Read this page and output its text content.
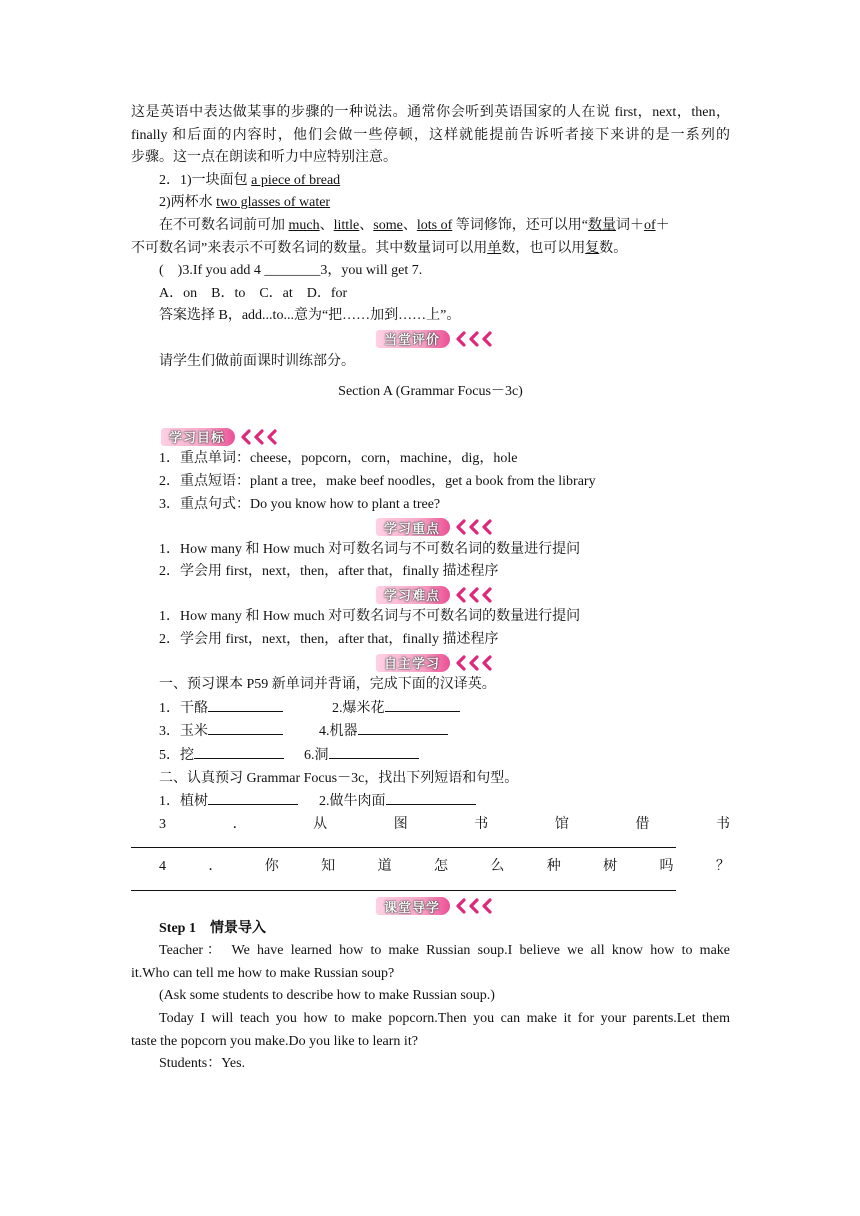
这是英语中表达做某事的步骤的一种说法。通常你会听到英语国家的人在说 first，next，then，
finally 和后面的内容时，他们会做一些停顿，这样就能提前告诉听者接下来讲的是一系列的
步骤。这一点在朗读和听力中应特别注意。
2．1)一块面包 a piece of bread
2)两杯水 two glasses of water
在不可数名词前可加 much、little、some、lots of 等词修饰，还可以用“数量词＋of＋
不可数名词”来表示不可数名词的数量。其中数量词可以用单数，也可以用复数。
(　)3.If you add 4 ________3，you will get 7.
A．on　B．to　C．at　D．for
答案选择 B，add...to...意为“把……加到……上”。
当堂评价
请学生们做前面课时训练部分。
Section A (Grammar Focus－3c)
学习目标
1．重点单词：cheese，popcorn，corn，machine，dig，hole
2．重点短语：plant a tree，make beef noodles，get a book from the library
3．重点句式：Do you know how to plant a tree?
学习重点
1．How many 和 How much 对可数名词与不可数名词的数量进行提问
2．学会用 first，next，then，after that，finally 描述程序
学习难点
1．How many 和 How much 对可数名词与不可数名词的数量进行提问
2．学会用 first，next，then，after that，finally 描述程序
自主学习
一、预习课本 P59 新单词并背诵，完成下面的汉译英。
1．干酪	2.爆米花
3．玉米	4.机器
5．挖	6.洞
二、认真预习 Grammar Focus－3c，找出下列短语和句型。
1．植树	2.做牛肉面
3	．	从	图	书	馆	借	书
4	．	你	知	道	怎	么	种	树	吗	？
课堂导学
Step 1　情景导入
Teacher： We have learned how to make Russian soup.I believe we all know how to make
it.Who can tell me how to make Russian soup?
(Ask some students to describe how to make Russian soup.)
Today I will teach you how to make popcorn.Then you can make it for your parents.Let them
taste the popcorn you make.Do you like to learn it?
Students：Yes.
